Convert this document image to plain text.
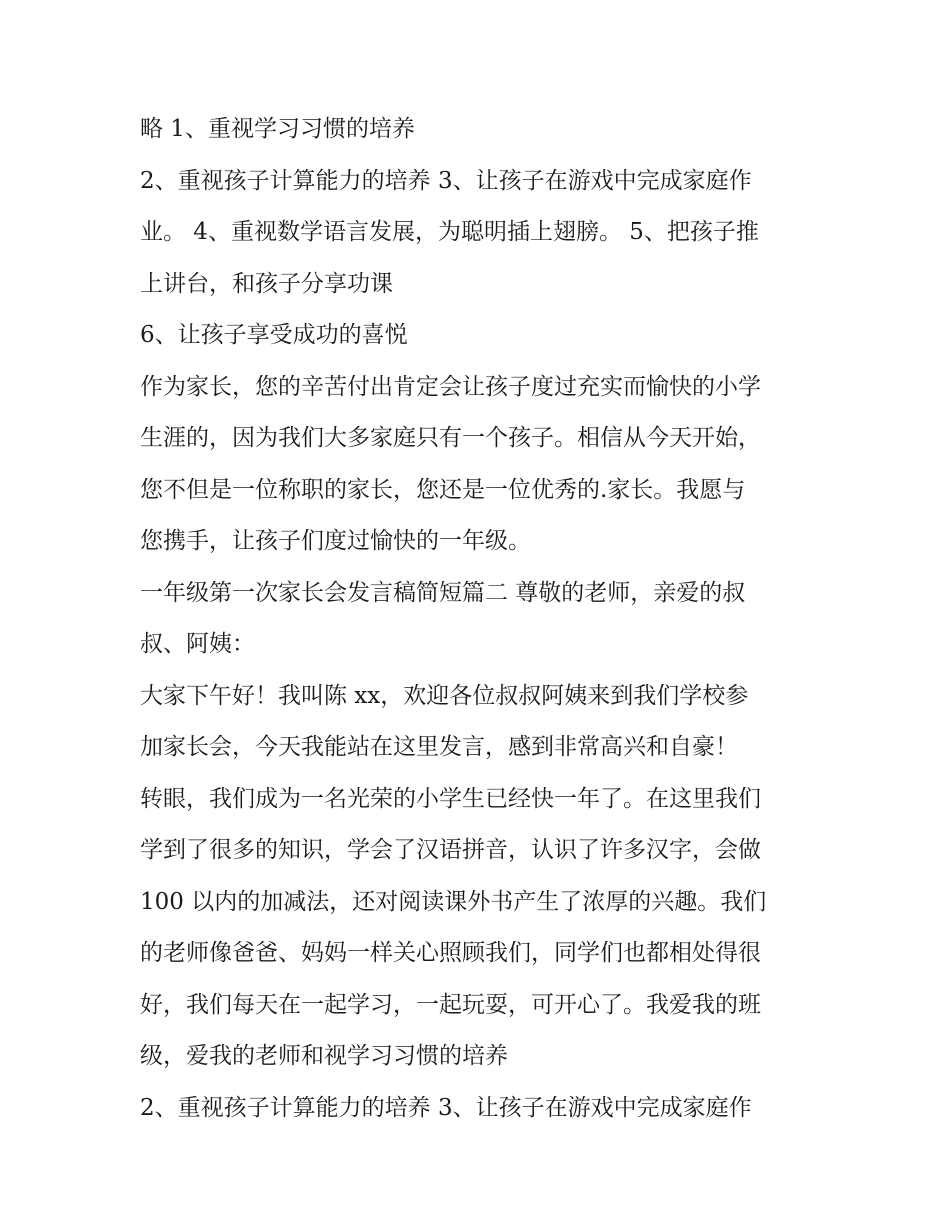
略 1、重视学习习惯的培养
2、重视孩子计算能力的培养 3、让孩子在游戏中完成家庭作
业。 4、重视数学语言发展，为聪明插上翅膀。 5、把孩子推
上讲台，和孩子分享功课
6、让孩子享受成功的喜悦
作为家长，您的辛苦付出肯定会让孩子度过充实而愉快的小学
生涯的，因为我们大多家庭只有一个孩子。相信从今天开始，
您不但是一位称职的家长，您还是一位优秀的.家长。我愿与
您携手，让孩子们度过愉快的一年级。
一年级第一次家长会发言稿简短篇二 尊敬的老师，亲爱的叔
叔、阿姨：
大家下午好！我叫陈 xx，欢迎各位叔叔阿姨来到我们学校参
加家长会，今天我能站在这里发言，感到非常高兴和自豪！
转眼，我们成为一名光荣的小学生已经快一年了。在这里我们
学到了很多的知识，学会了汉语拼音，认识了许多汉字，会做
100 以内的加减法，还对阅读课外书产生了浓厚的兴趣。我们
的老师像爸爸、妈妈一样关心照顾我们，同学们也都相处得很
好，我们每天在一起学习，一起玩耍，可开心了。我爱我的班
级，爱我的老师和视学习习惯的培养
2、重视孩子计算能力的培养 3、让孩子在游戏中完成家庭作
